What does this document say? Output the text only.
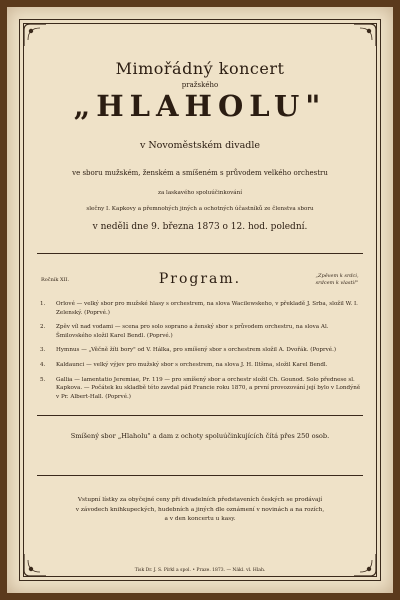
Mimořádný koncert
pražského
„HLAHOLU"
v Novoměstském divadle
ve sboru mužském, ženském a smíšeném s průvodem velkého orchestru
za laskavého spoluúčinkování
slečny I. Kapkovy a přemnohých jiných a ochotných účastníků ze členstva sboru
v neděli dne 9. března 1873 o 12. hod. polední.
Ročník XII.	Program.	„Zpěvem k srdci, srdcem k vlasti!"
1.	Orlové — velký sbor pro mužské hlasy s orchestrem, na slova Wacilewskeho, v překladě J. Srba, složil W. I. Zelenský. (Poprvé.)
2.	Zpěv víl nad vodami — scena pro solo soprano a ženský sbor s průvodem orchestru, na slova Al. Šmilovského složil Karel Bendl. (Poprvé.)
3.	Hymnus — „Věčně žíti bory" od V. Hálka, pro smíšený sbor s orchestrem složil A. Dvořák. (Poprvé.)
4.	Kaldaunci — velký výjev pro mužský sbor s orchestrem, na slova J. H. Iltšma, složil Karel Bendl.
5.	Gallia — lamentatio Jeremiae, Pr. 119 — pro smíšený sbor a orchestr složil Ch. Gounod. Solo přednese sl. Kapkova. — Počátek ku skladbě této zavdal pád Francie roku 1870, a první provozování její bylo v Londýně v Pr. Albert-Hall. (Poprvé.)
Smíšený sbor „Hlaholu" a dam z ochoty spoluúčinkujících čítá přes 250 osob.
Vstupní lístky za obyčejné ceny při divadelních představeních českých se prodávají
v závodech knihkupeckých, hudebních a jiných dle oznámení v novinách a na rozích,
a v den koncertu u kasy.
Tisk Dr. J. S. Pírkl a spol. • Praze. 1873. — Nákl. vl. Hlah.
